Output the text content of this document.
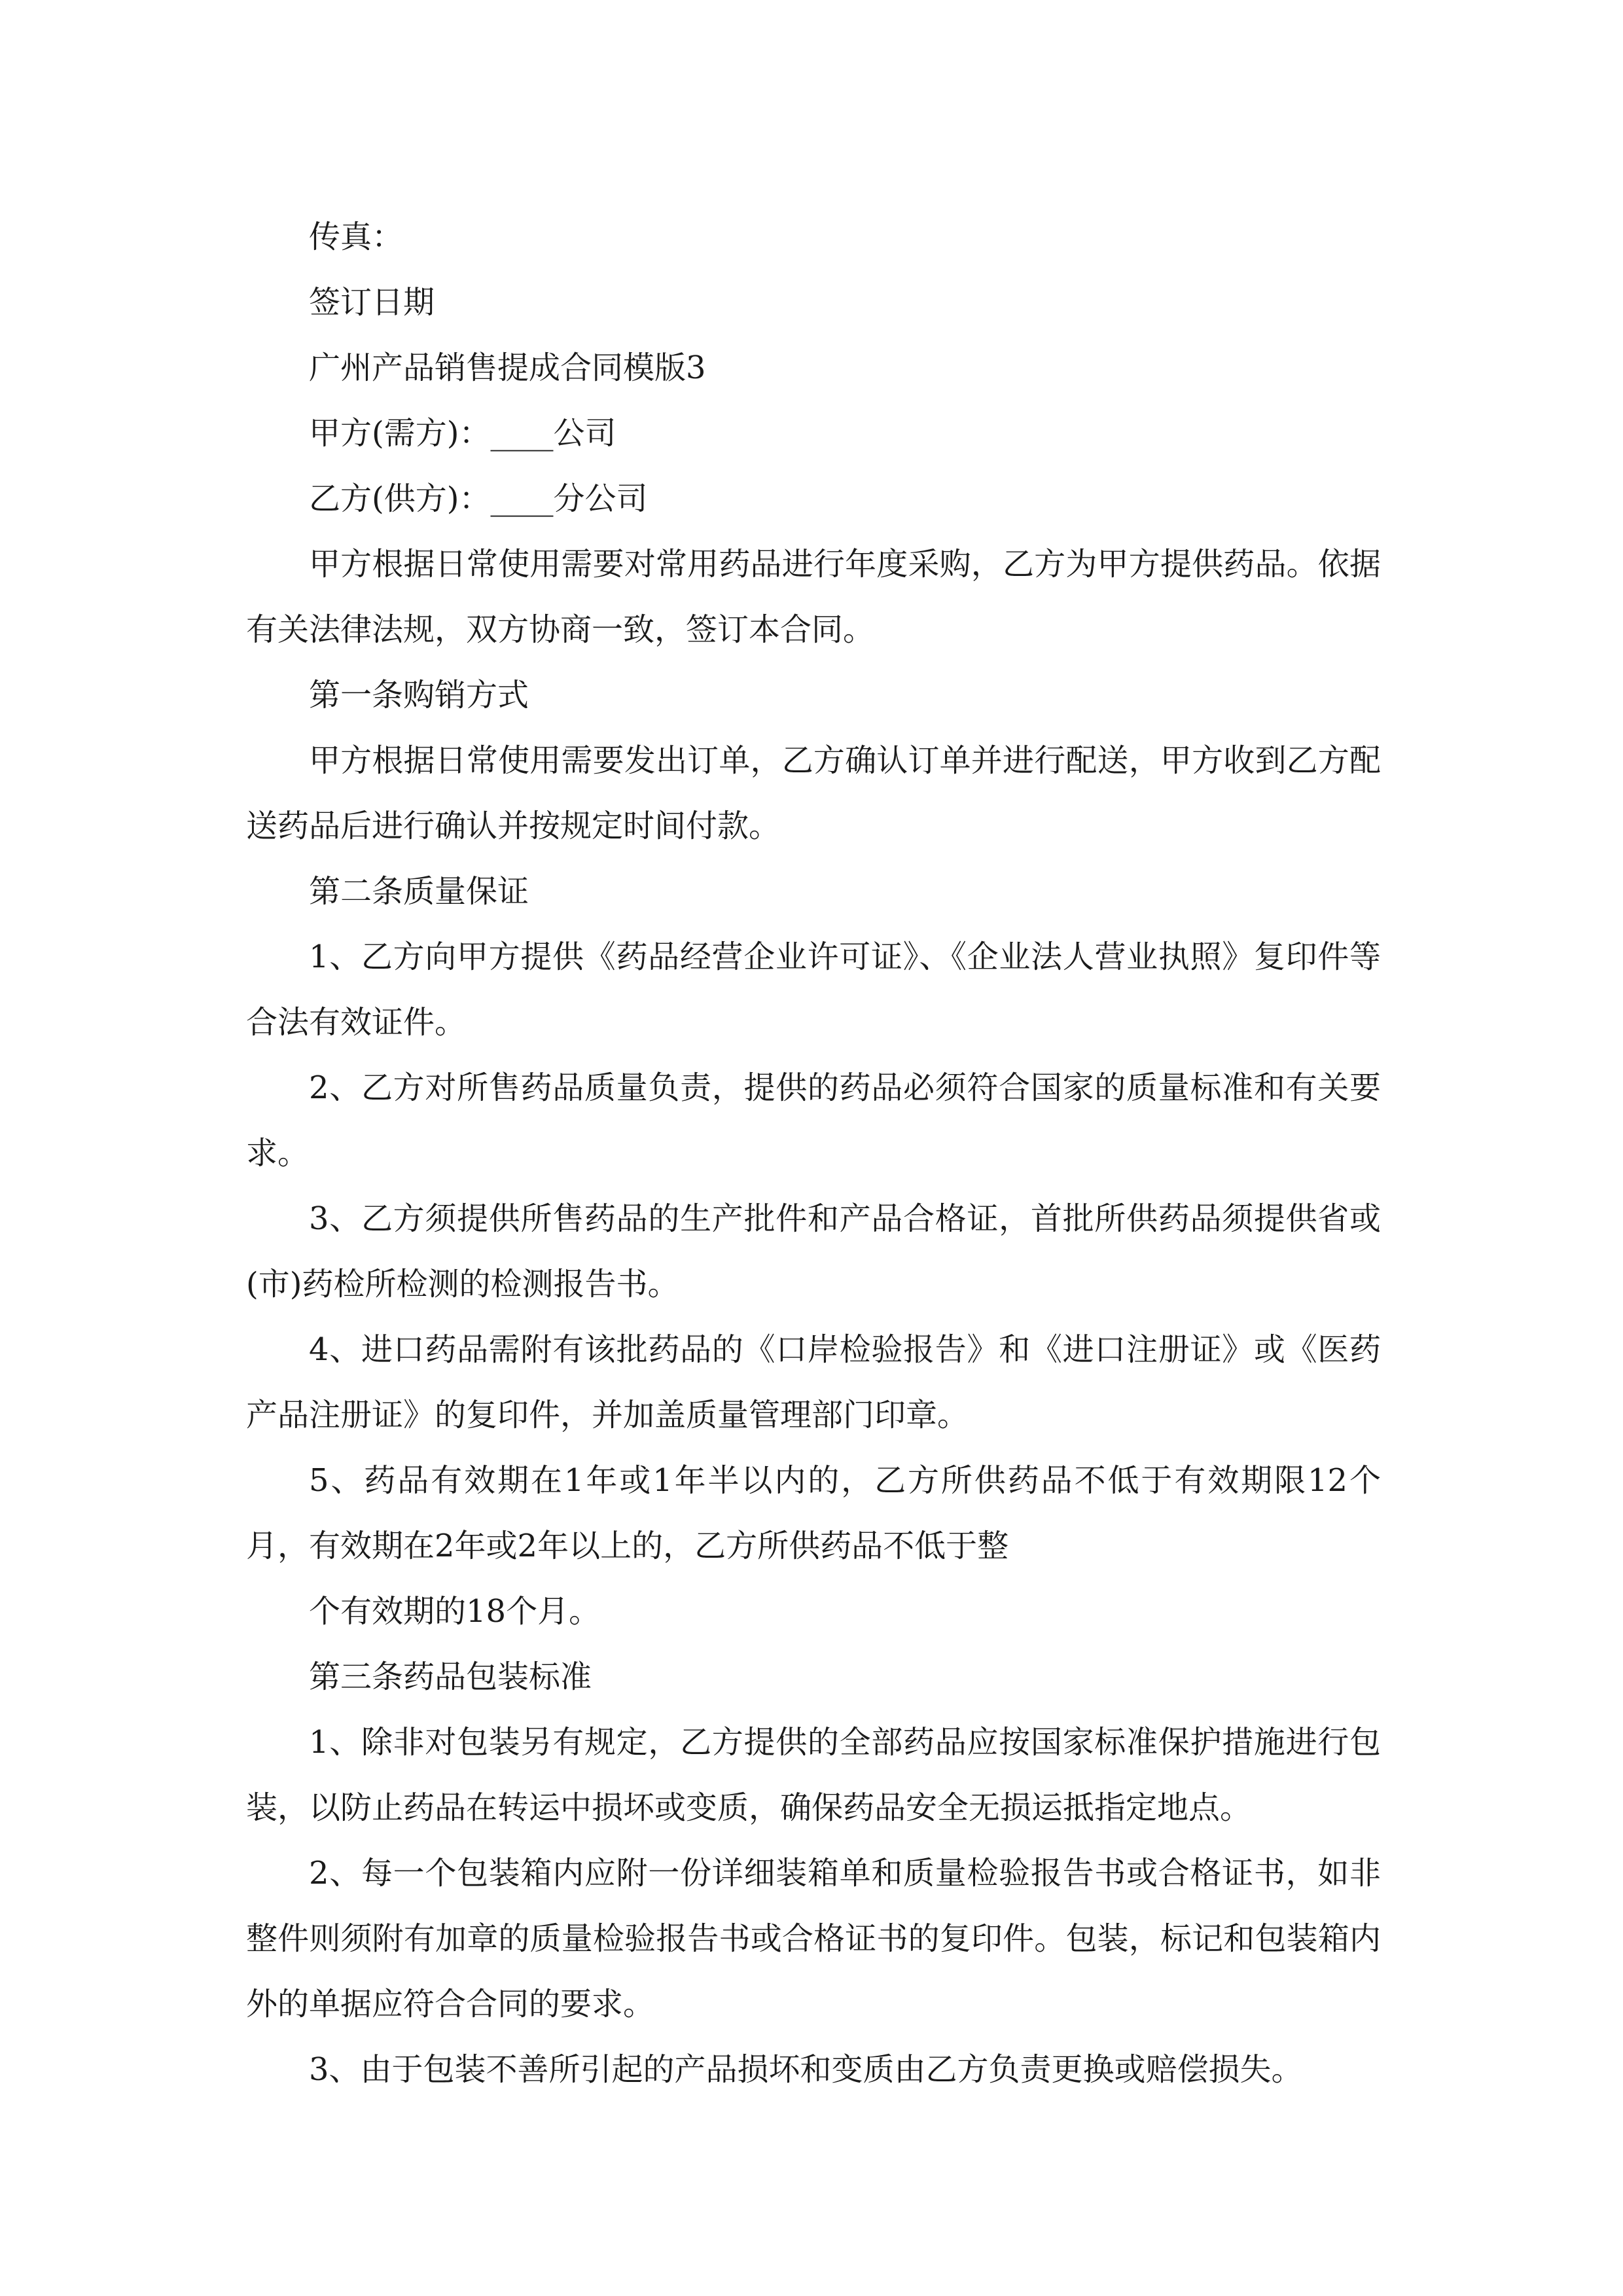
传真：

签订日期

广州产品销售提成合同模版3

甲方(需方)：____公司

乙方(供方)：____分公司

甲方根据日常使用需要对常用药品进行年度采购，乙方为甲方提供药品。依据有关法律法规，双方协商一致，签订本合同。

第一条购销方式

甲方根据日常使用需要发出订单，乙方确认订单并进行配送，甲方收到乙方配送药品后进行确认并按规定时间付款。

第二条质量保证

1、乙方向甲方提供《药品经营企业许可证》、《企业法人营业执照》复印件等合法有效证件。

2、乙方对所售药品质量负责，提供的药品必须符合国家的质量标准和有关要求。

3、乙方须提供所售药品的生产批件和产品合格证，首批所供药品须提供省或(市)药检所检测的检测报告书。

4、进口药品需附有该批药品的《口岸检验报告》和《进口注册证》或《医药产品注册证》的复印件，并加盖质量管理部门印章。

5、药品有效期在1年或1年半以内的，乙方所供药品不低于有效期限12个月，有效期在2年或2年以上的，乙方所供药品不低于整

个有效期的18个月。

第三条药品包装标准

1、除非对包装另有规定，乙方提供的全部药品应按国家标准保护措施进行包装，以防止药品在转运中损坏或变质，确保药品安全无损运抵指定地点。

2、每一个包装箱内应附一份详细装箱单和质量检验报告书或合格证书，如非整件则须附有加章的质量检验报告书或合格证书的复印件。包装，标记和包装箱内外的单据应符合合同的要求。

3、由于包装不善所引起的产品损坏和变质由乙方负责更换或赔偿损失。
